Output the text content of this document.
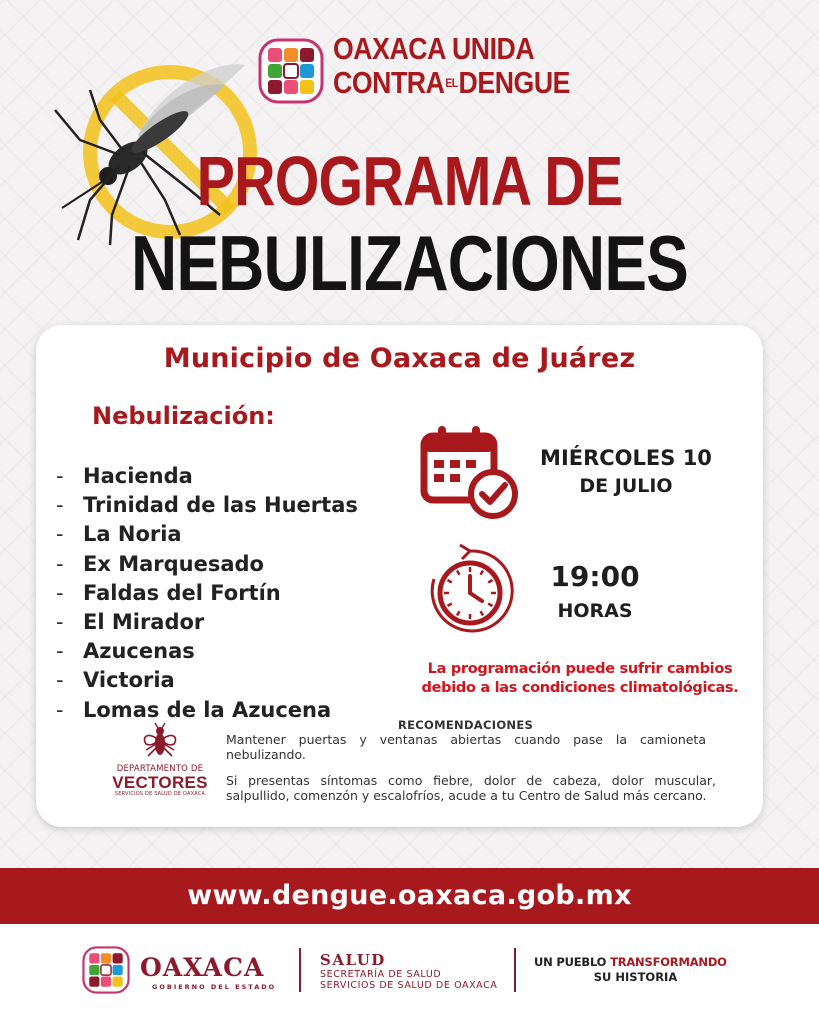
OAXACA UNIDA
CONTRAELDENGUE
PROGRAMA DE
NEBULIZACIONES
Municipio de Oaxaca de Juárez
Nebulización:
- Hacienda
- Trinidad de las Huertas
- La Noria
- Ex Marquesado
- Faldas del Fortín
- El Mirador
- Azucenas
- Victoria
- Lomas de la Azucena
MIÉRCOLES 10
DE JULIO
19:00
HORAS
La programación puede sufrir cambios debido a las condiciones climatológicas.
DEPARTAMENTO DE
VECTORES
SERVICIOS DE SALUD DE OAXACA
RECOMENDACIONES
Mantener puertas y ventanas abiertas cuando pase la camioneta nebulizando.
Si presentas síntomas como fiebre, dolor de cabeza, dolor muscular, salpullido, comenzón y escalofríos, acude a tu Centro de Salud más cercano.
www.dengue.oaxaca.gob.mx
OAXACA
GOBIERNO DEL ESTADO
SALUD
SECRETARÍA DE SALUD
SERVICIOS DE SALUD DE OAXACA
UN PUEBLO TRANSFORMANDO
SU HISTORIA
